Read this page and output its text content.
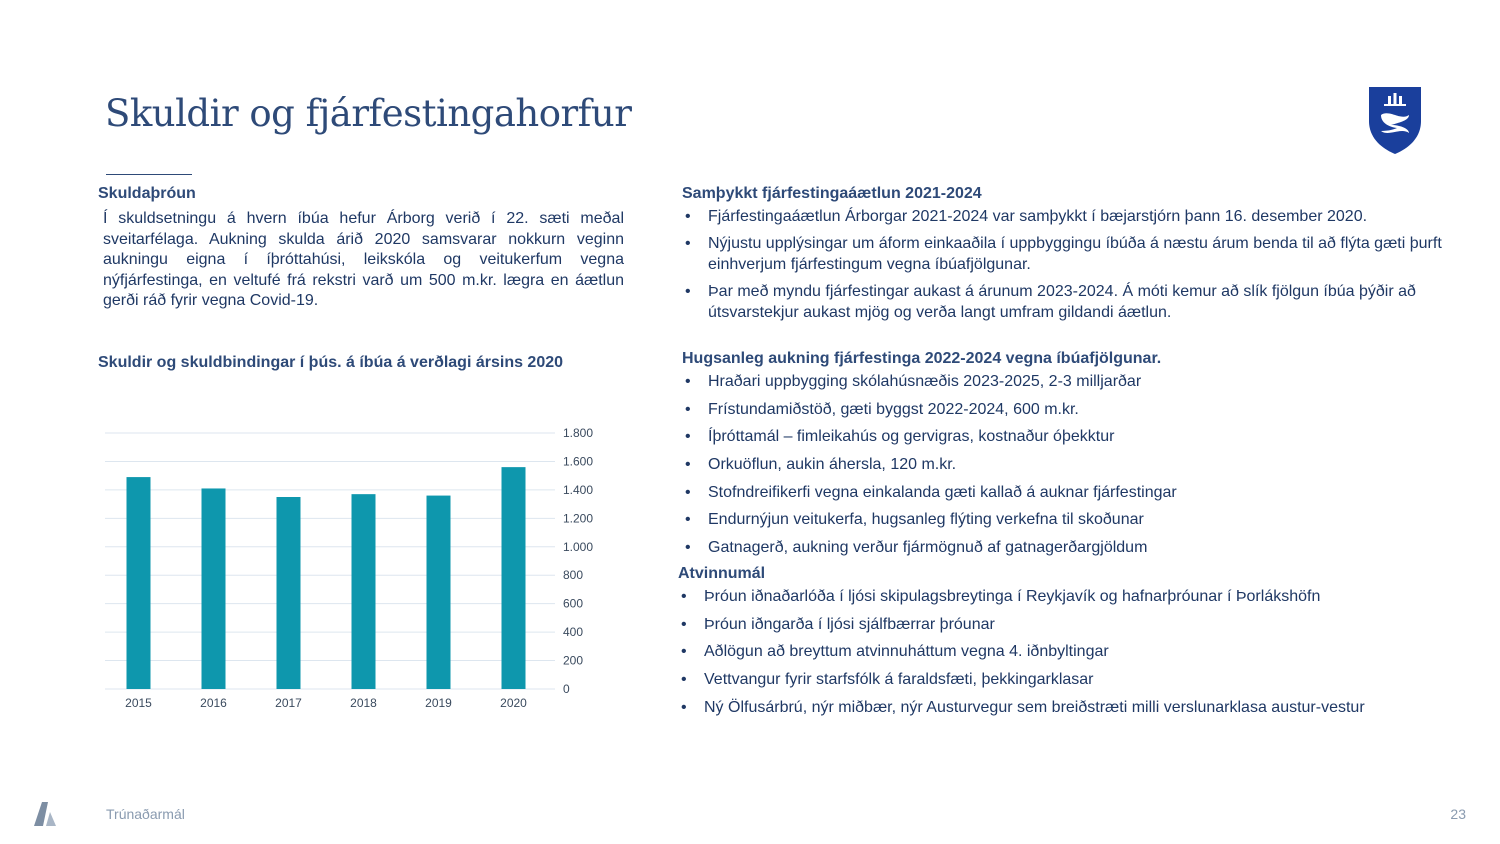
Skuldir og fjárfestingahorfur
Skuldaþróun

Í skuldsetningu á hvern íbúa hefur Árborg verið í 22. sæti meðal sveitarfélaga. Aukning skulda árið 2020 samsvarar nokkurn veginn aukningu eigna í íþróttahúsi, leikskóla og veitukerfum vegna nýfjárfestinga, en veltufé frá rekstri varð um 500 m.kr. lægra en áætlun gerði ráð fyrir vegna Covid-19.

Skuldir og skuldbindingar í þús. á íbúa á verðlagi ársins 2020
0
200
400
600
800
1.000
1.200
1.400
1.600
1.800
2015	2016	2017	2018	2019	2020
Samþykkt fjárfestingaáætlun 2021-2024
• Fjárfestingaáætlun Árborgar 2021-2024 var samþykkt í bæjarstjórn þann 16. desember 2020.
• Nýjustu upplýsingar um áform einkaaðila í uppbyggingu íbúða á næstu árum benda til að flýta gæti þurft einhverjum fjárfestingum vegna íbúafjölgunar.
• Þar með myndu fjárfestingar aukast á árunum 2023-2024. Á móti kemur að slík fjölgun íbúa þýðir að útsvarstekjur aukast mjög og verða langt umfram gildandi áætlun.
Hugsanleg aukning fjárfestinga 2022-2024 vegna íbúafjölgunar.
• Hraðari uppbygging skólahúsnæðis 2023-2025, 2-3 milljarðar
• Frístundamiðstöð, gæti byggst 2022-2024, 600 m.kr.
• Íþróttamál – fimleikahús og gervigras, kostnaður óþekktur
• Orkuöflun, aukin áhersla, 120 m.kr.
• Stofndreifikerfi vegna einkalanda gæti kallað á auknar fjárfestingar
• Endurnýjun veitukerfa, hugsanleg flýting verkefna til skoðunar
• Gatnagerð, aukning verður fjármögnuð af gatnagerðargjöldum
Atvinnumál
• Þróun iðnaðarlóða í ljósi skipulagsbreytinga í Reykjavík og hafnarþróunar í Þorlákshöfn
• Þróun iðngarða í ljósi sjálfbærrar þróunar
• Aðlögun að breyttum atvinnuháttum vegna 4. iðnbyltingar
• Vettvangur fyrir starfsfólk á faraldsfæti, þekkingarklasar
• Ný Ölfusárbrú, nýr miðbær, nýr Austurvegur sem breiðstræti milli verslunarklasa austur-vestur
Trúnaðarmál	23
